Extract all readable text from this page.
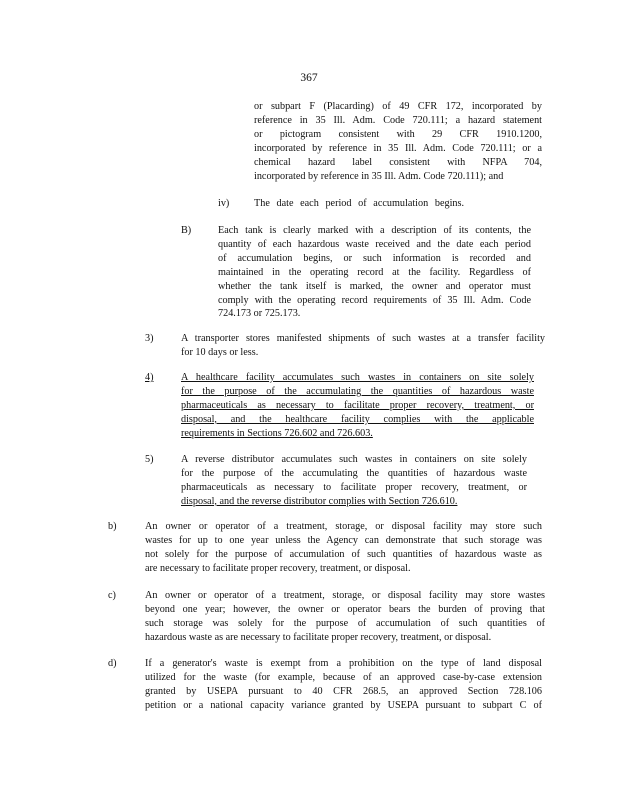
367
or subpart F (Placarding) of 49 CFR 172, incorporated by
reference in 35 Ill. Adm. Code 720.111; a hazard statement
or pictogram consistent with 29 CFR 1910.1200,
incorporated by reference in 35 Ill. Adm. Code 720.111; or a
chemical hazard label consistent with NFPA 704,
incorporated by reference in 35 Ill. Adm. Code 720.111); and
iv) The date each period of accumulation begins.
B)	Each tank is clearly marked with a description of its contents, the
quantity of each hazardous waste received and the date each period
of accumulation begins, or such information is recorded and
maintained in the operating record at the facility. Regardless of
whether the tank itself is marked, the owner and operator must
comply with the operating record requirements of 35 Ill. Adm. Code
724.173 or 725.173.
3)	A transporter stores manifested shipments of such wastes at a transfer facility
for 10 days or less.
4)	A healthcare facility accumulates such wastes in containers on site solely
for the purpose of the accumulating the quantities of hazardous waste
pharmaceuticals as necessary to facilitate proper recovery, treatment, or
disposal, and the healthcare facility complies with the applicable
requirements in Sections 726.602 and 726.603.
5)	A reverse distributor accumulates such wastes in containers on site solely
for the purpose of the accumulating the quantities of hazardous waste
pharmaceuticals as necessary to facilitate proper recovery, treatment, or
disposal, and the reverse distributor complies with Section 726.610.
b)	An owner or operator of a treatment, storage, or disposal facility may store such
wastes for up to one year unless the Agency can demonstrate that such storage was
not solely for the purpose of accumulation of such quantities of hazardous waste as
are necessary to facilitate proper recovery, treatment, or disposal.
c)	An owner or operator of a treatment, storage, or disposal facility may store wastes
beyond one year; however, the owner or operator bears the burden of proving that
such storage was solely for the purpose of accumulation of such quantities of
hazardous waste as are necessary to facilitate proper recovery, treatment, or disposal.
d)	If a generator's waste is exempt from a prohibition on the type of land disposal
utilized for the waste (for example, because of an approved case-by-case extension
granted by USEPA pursuant to 40 CFR 268.5, an approved Section 728.106
petition or a national capacity variance granted by USEPA pursuant to subpart C of
